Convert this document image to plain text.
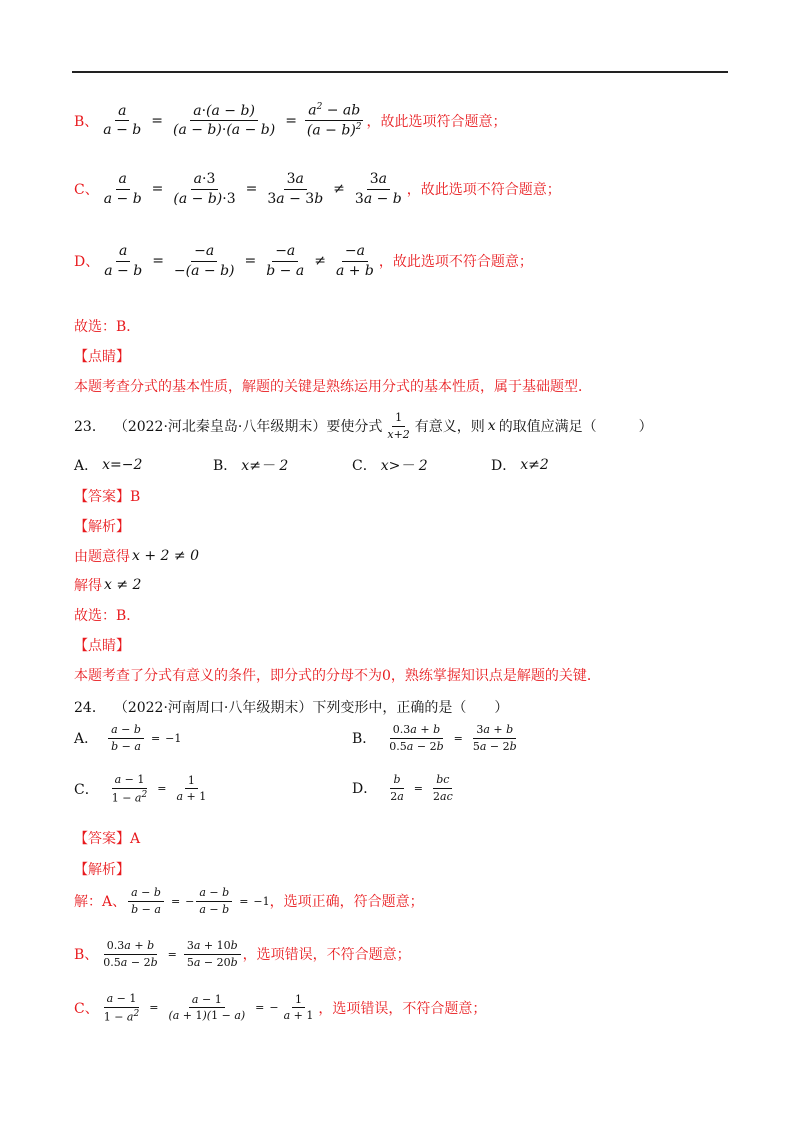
B、 $\frac{a}{a - b} = \frac{a\cdot(a - b)}{(a - b)\cdot(a - b)} = \frac{a^2 - ab}{(a - b)^2}$ ，故此选项符合题意；
C、 $\frac{a}{a - b} = \frac{a\cdot 3}{(a - b)\cdot 3} = \frac{3a}{3a - 3b} \ne \frac{3a}{3a - b}$ ，故此选项不符合题意；
D、 $\frac{a}{a - b} = \frac{-a}{-(a - b)} = \frac{-a}{b - a} \ne \frac{-a}{a + b}$ ，故此选项不符合题意；
故选：B．
【点睛】
本题考查分式的基本性质，解题的关键是熟练运用分式的基本性质，属于基础题型．
23． （2022·河北秦皇岛·八年级期末）要使分式 $\frac{1}{x+2}$ 有意义，则 x 的取值应满足（　　　）
A． x=−2	B． x≠－ 2	C． x>－ 2	D． x≠2
【答案】B
【解析】
由题意得 x + 2 ≠ 0
解得 x ≠ 2
故选：B．
【点睛】
本题考查了分式有意义的条件，即分式的分母不为0，熟练掌握知识点是解题的关键．
24． （2022·河南周口·八年级期末）下列变形中，正确的是（　　）
A． $\frac{a - b}{b - a} = -1$	B． $\frac{0.3a + b}{0.5a - 2b} = \frac{3a + b}{5a - 2b}$
C． $\frac{a - 1}{1 - a^2} = \frac{1}{a + 1}$	D． $\frac{b}{2a} = \frac{bc}{2ac}$
【答案】A
【解析】
解：A、 $\frac{a - b}{b - a}$ = − $\frac{a - b}{a - b} = -1$ ，选项正确，符合题意；
B、 $\frac{0.3a + b}{0.5a - 2b} = \frac{3a + 10b}{5a - 20b}$ ，选项错误，不符合题意；
C、 $\frac{a - 1}{1 - a^2} = \frac{a - 1}{(a + 1)(1 - a)}$ = − $\frac{1}{a + 1}$ ，选项错误，不符合题意；
